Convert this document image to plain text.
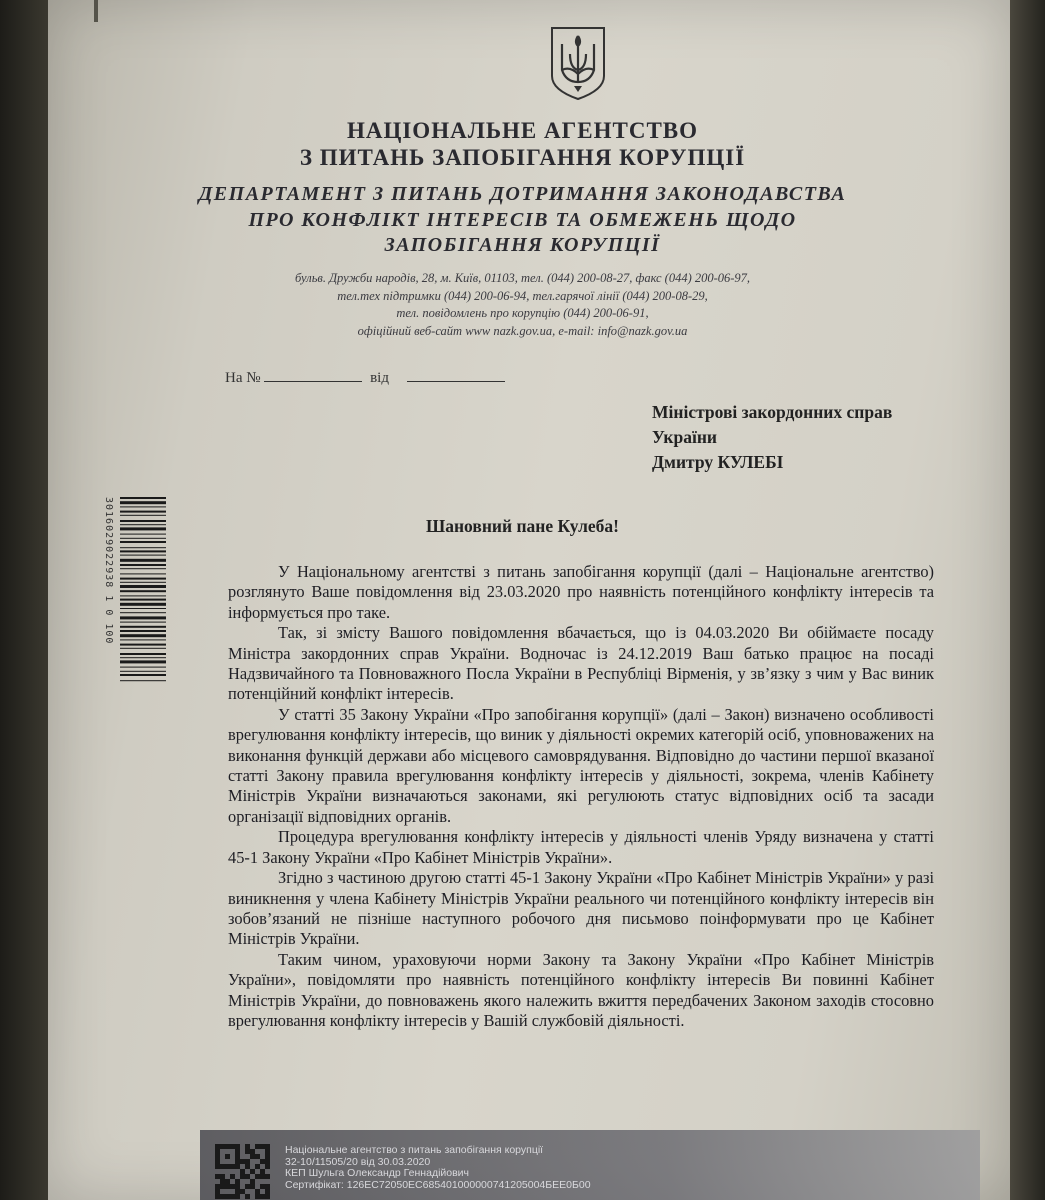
НАЦІОНАЛЬНЕ АГЕНТСТВО
З ПИТАНЬ ЗАПОБІГАННЯ КОРУПЦІЇ
ДЕПАРТАМЕНТ З ПИТАНЬ ДОТРИМАННЯ ЗАКОНОДАВСТВА
ПРО КОНФЛІКТ ІНТЕРЕСІВ ТА ОБМЕЖЕНЬ ЩОДО
ЗАПОБІГАННЯ КОРУПЦІЇ
бульв. Дружби народів, 28, м. Київ, 01103, тел. (044) 200-08-27, факс (044) 200-06-97,
тел.тех підтримки (044) 200-06-94, тел.гарячої лінії (044) 200-08-29,
тел. повідомлень про корупцію (044) 200-06-91,
офіційний веб-сайт www nazk.gov.ua, e-mail: info@nazk.gov.ua
На №	від
Міністрові закордонних справ
України
Дмитру КУЛЕБІ
Шановний пане Кулеба!

У Національному агентстві з питань запобігання корупції (далі – Національне агентство) розглянуто Ваше повідомлення від 23.03.2020 про наявність потенційного конфлікту інтересів та інформується про таке.

Так, зі змісту Вашого повідомлення вбачається, що із 04.03.2020 Ви обіймаєте посаду Міністра закордонних справ України. Водночас із 24.12.2019 Ваш батько працює на посаді Надзвичайного та Повноважного Посла України в Республіці Вірменія, у зв’язку з чим у Вас виник потенційний конфлікт інтересів.

У статті 35 Закону України «Про запобігання корупції» (далі – Закон) визначено особливості врегулювання конфлікту інтересів, що виник у діяльності окремих категорій осіб, уповноважених на виконання функцій держави або місцевого самоврядування. Відповідно до частини першої вказаної статті Закону правила врегулювання конфлікту інтересів у діяльності, зокрема, членів Кабінету Міністрів України визначаються законами, які регулюють статус відповідних осіб та засади організації відповідних органів.

Процедура врегулювання конфлікту інтересів у діяльності членів Уряду визначена у статті 45-1 Закону України «Про Кабінет Міністрів України».

Згідно з частиною другою статті 45-1 Закону України «Про Кабінет Міністрів України» у разі виникнення у члена Кабінету Міністрів України реального чи потенційного конфлікту інтересів він зобов’язаний не пізніше наступного робочого дня письмово поінформувати про це Кабінет Міністрів України.

Таким чином, ураховуючи норми Закону та Закону України «Про Кабінет Міністрів України», повідомляти про наявність потенційного конфлікту інтересів Ви повинні Кабінет Міністрів України, до повноважень якого належить вжиття передбачених Законом заходів стосовно врегулювання конфлікту інтересів у Вашій службовій діяльності.

3016029022938 1 0 100
Національне агентство з питань запобігання корупції
32-10/11505/20 від 30.03.2020
КЕП Шульга Олександр Геннадійович
Сертифікат: 126ЕС72050ЕС685401000000741205004БЕЕ0Б00
